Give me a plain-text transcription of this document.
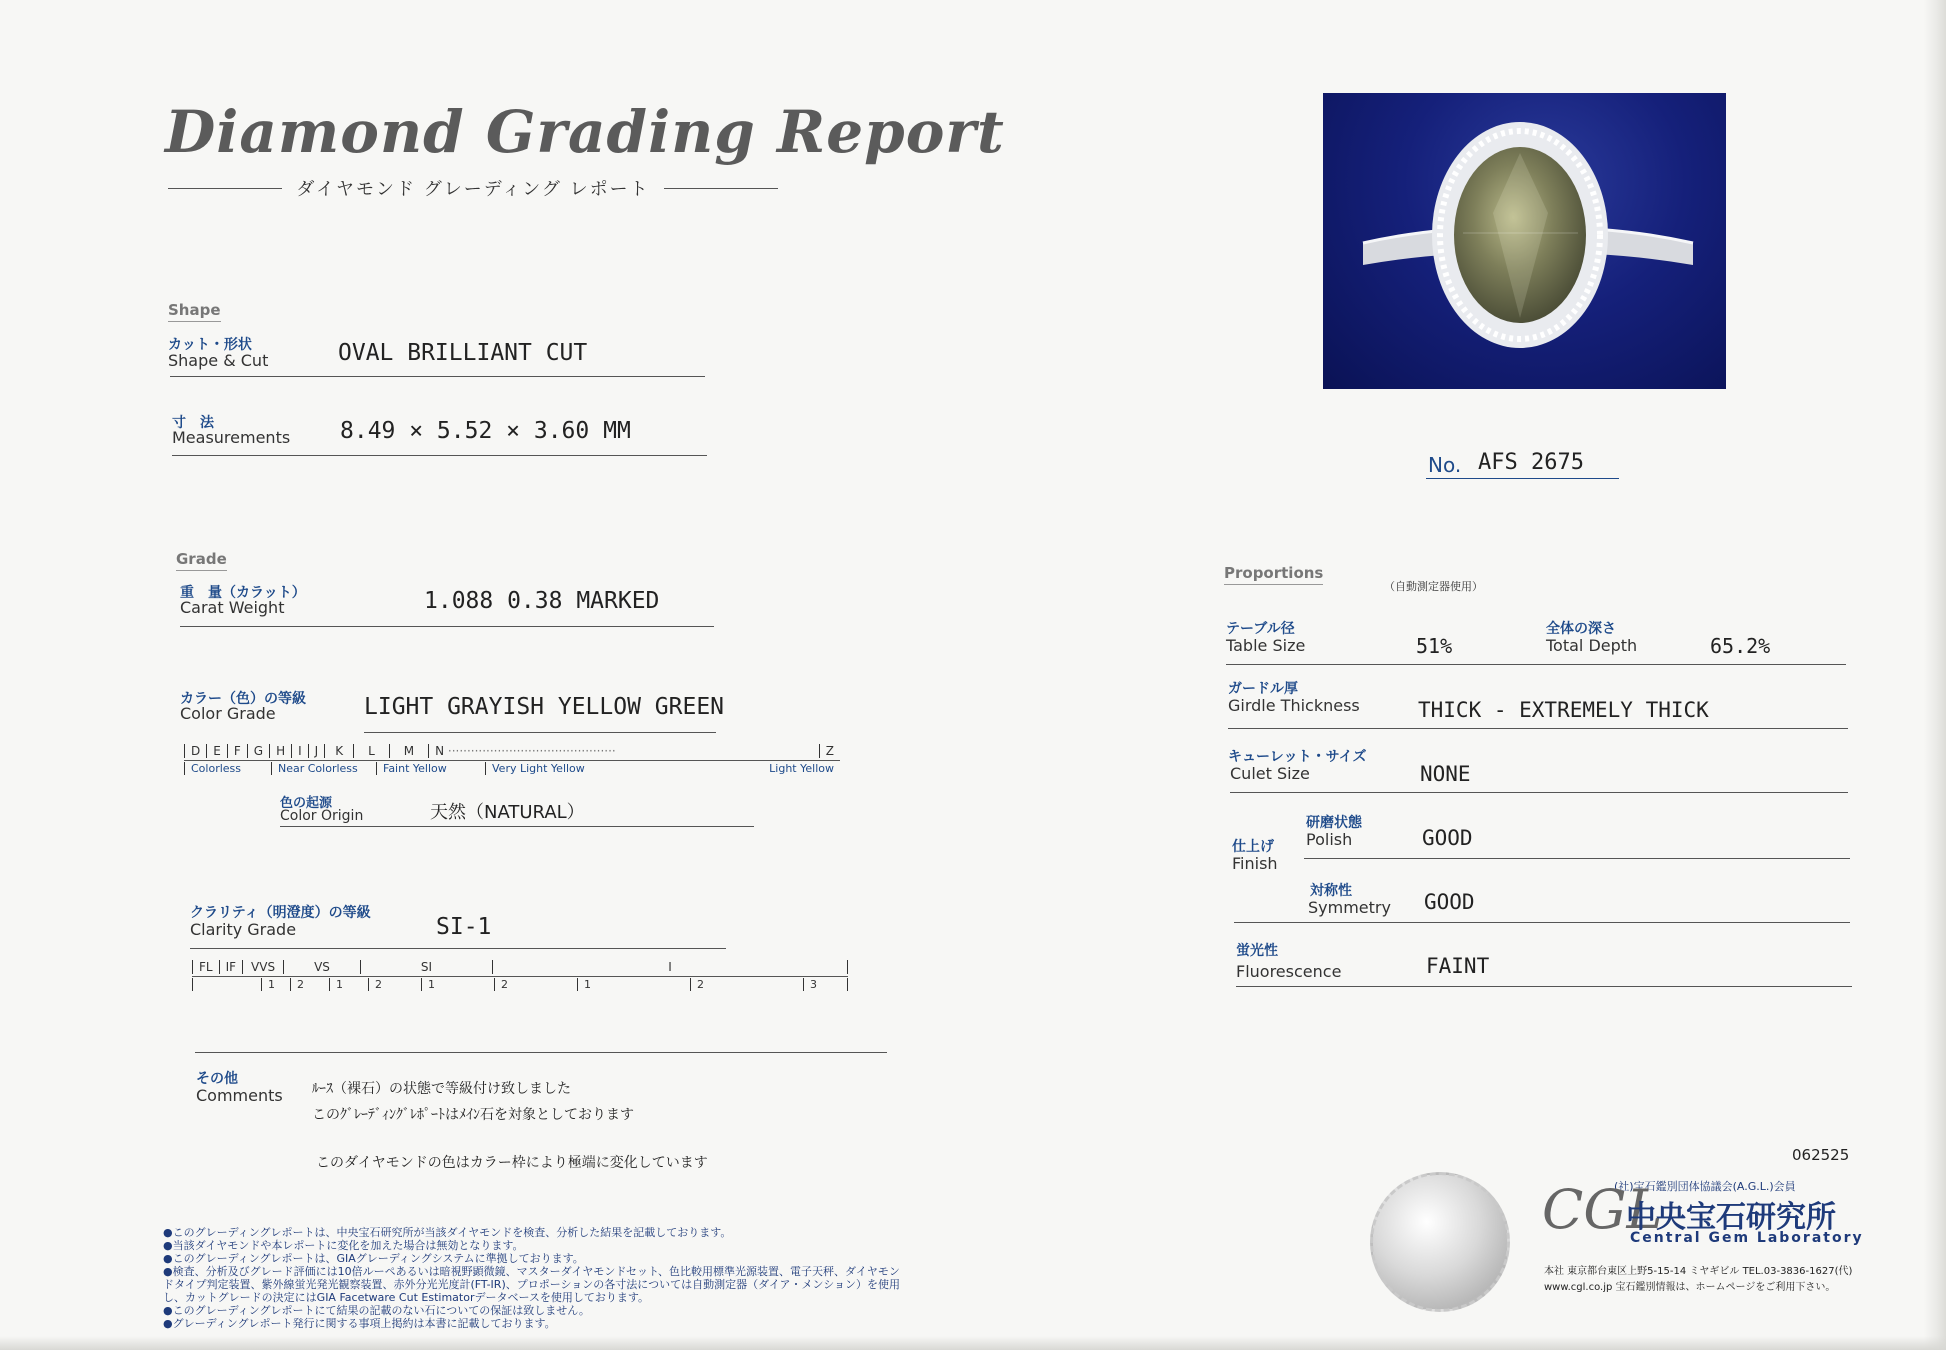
Diamond Grading Report
ダイヤモンド グレーディング レポート
Shape
カット・形状
Shape & Cut	OVAL BRILLIANT CUT
寸　法
Measurements 8.49 × 5.52 × 3.60 MM
No. AFS 2675
Grade
重　量（カラット）
Carat Weight	1.088 0.38 MARKED
カラー（色）の等級
Color Grade	LIGHT GRAYISH YELLOW GREEN
D	E	F	G	H	I	J	K	L	M	N ············································	Z
Colorless	Near Colorless	Faint Yellow	Very Light Yellow	Light Yellow
色の起源
Color Origin	天然（NATURAL）
クラリティ（明澄度）の等級
Clarity Grade	SI-1
FL	IF	VVS	VS	SI	I
1	2	1	2	1	2	1	2	3
その他
Comments ﾙｰｽ（裸石）の状態で等級付け致しました
このｸﾞﾚｰﾃﾞｨﾝｸﾞﾚﾎﾟｰﾄはﾒｲﾝ石を対象としております
このダイヤモンドの色はカラー枠により極端に変化しています
Proportions
（自動測定器使用）
テーブル径
Table Size	51%
全体の深さ
Total Depth	65.2%
ガードル厚
Girdle Thickness	THICK - EXTREMELY THICK
キューレット・サイズ
Culet Size	NONE
仕上げ
Finish
研磨状態
Polish	GOOD
対称性
Symmetry GOOD
蛍光性
Fluorescence	FAINT
062525
●このグレーディングレポートは、中央宝石研究所が当該ダイヤモンドを検査、分析した結果を記載しております。
●当該ダイヤモンドや本レポートに変化を加えた場合は無効となります。
●このグレーディングレポートは、GIAグレーディングシステムに準拠しております。
●検査、分析及びグレード評価には10倍ルーペあるいは暗視野顕微鏡、マスターダイヤモンドセット、色比較用標準光源装置、電子天秤、ダイヤモンドタイプ判定装置、紫外線蛍光発光観察装置、赤外分光光度計(FT-IR)、プロポーションの各寸法については自動測定器（ダイア・メンション）を使用し、カットグレードの決定にはGIA Facetware Cut Estimatorデータベースを使用しております。
●このグレーディングレポートにて結果の記載のない石についての保証は致しません。
●グレーディングレポート発行に関する事項上掲約は本書に記載しております。
(社)宝石鑑別団体協議会(A.G.L.)会員
CGL
中央宝石研究所
Central Gem Laboratory
本社 東京都台東区上野5-15-14 ミヤギビル TEL.03-3836-1627(代)
www.cgl.co.jp 宝石鑑別情報は、ホームページをご利用下さい。
